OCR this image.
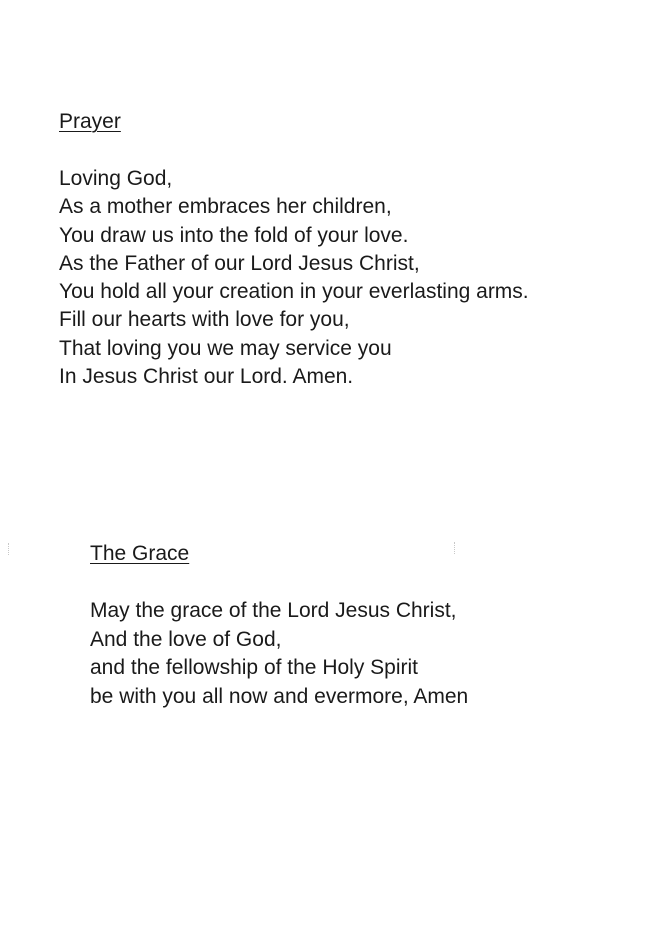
Prayer
Loving God,
As a mother embraces her children,
You draw us into the fold of your love.
As the Father of our Lord Jesus Christ,
You hold all your creation in your everlasting arms.
Fill our hearts with love for you,
That loving you we may service you
In Jesus Christ our Lord. Amen.
The Grace
May the grace of the Lord Jesus Christ,
And the love of God,
and the fellowship of the Holy Spirit
be with you all now and evermore, Amen
